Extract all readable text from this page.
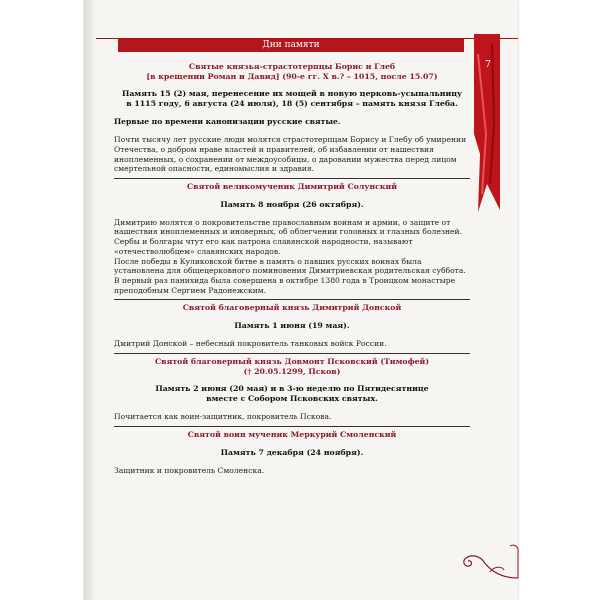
Дни памяти
7
Святые князья-страстотерпцы Борис и Глеб
[в крещении Роман и Давид] (90-е гг. X в.? – 1015, после 15.07)
Память 15 (2) мая, перенесение их мощей в новую церковь-усыпальницу
в 1115 году, 6 августа (24 июля), 18 (5) сентября – память князя Глеба.
Первые по времени канонизации русские святые.

Почти тысячу лет русские люди молятся страстотерпцам Борису и Глебу об умирении Отечества, о добром нраве властей и правителей, об избавлении от нашествия иноплеменных, о сохранении от междоусобицы, о даровании мужества перед лицом смертельной опасности, единомыслия и здравия.

Святой великомученик Димитрий Солунский
Память 8 ноября (26 октября).

Димитрию молятся о покровительстве православным воинам и армии, о защите от нашествия иноплеменных и иноверных, об облегчении головных и глазных болезней.

Сербы и болгары чтут его как патрона славянской народности, называют «отечестволюбцем» славянских народов.

После победы в Куликовской битве в память о павших русских воинах была установлена для общецерковного поминовения Димитриевская родительская суббота. В первый раз панихида была совершена в октябре 1380 года в Троицком монастыре преподобным Сергием Радонежским.

Святой благоверный князь Димитрий Донской
Память 1 июня (19 мая).

Дмитрий Донской – небесный покровитель танковых войск России.

Святой благоверный князь Довмонт Псковский (Тимофей)
(† 20.05.1299, Псков)
Память 2 июня (20 мая) и в 3-ю неделю по Пятидесятнице
вместе с Собором Псковских святых.

Почитается как воин-защитник, покровитель Пскова.

Святой воин мученик Меркурий Смоленский
Память 7 декабря (24 ноября).

Защитник и покровитель Смоленска.
